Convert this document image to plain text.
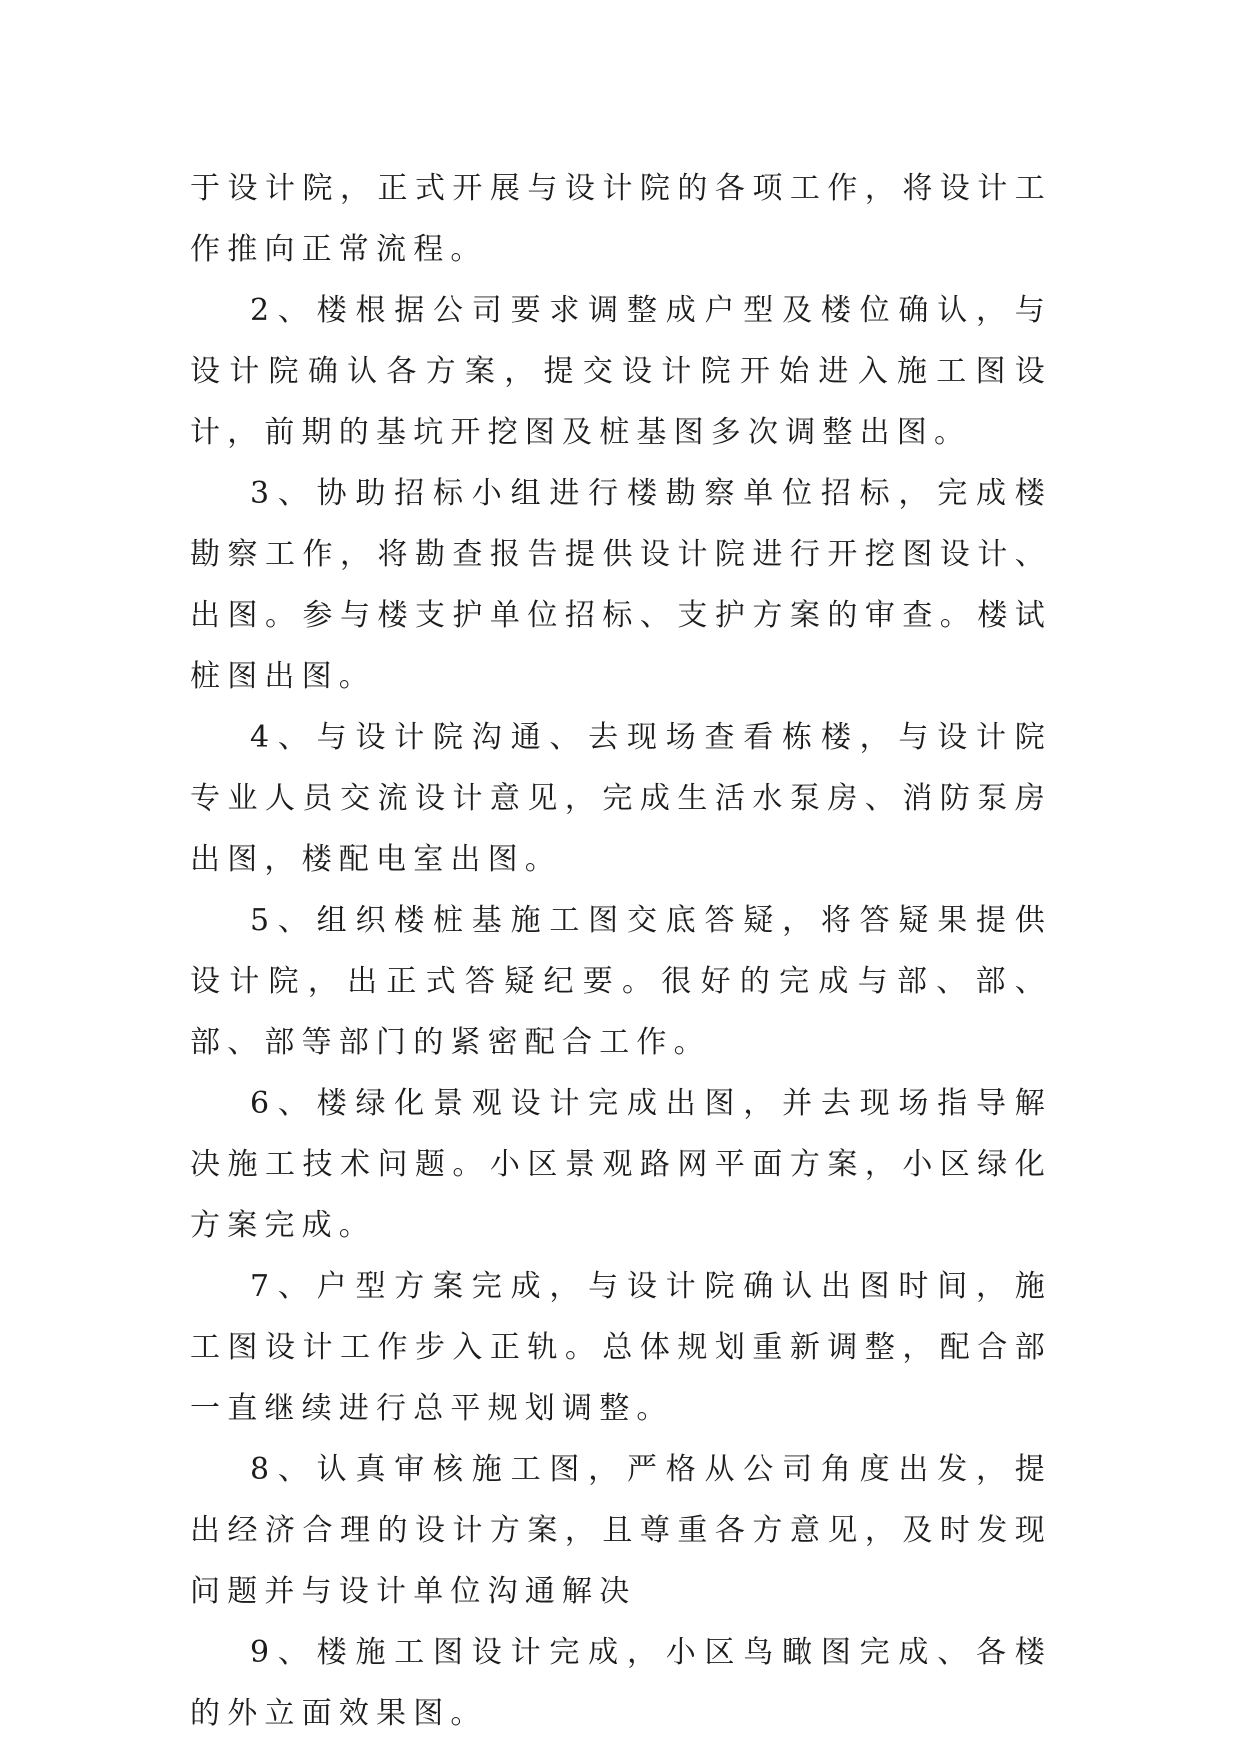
于设计院，正式开展与设计院的各项工作，将设计工作推向正常流程。

2、楼根据公司要求调整成户型及楼位确认，与设计院确认各方案，提交设计院开始进入施工图设计，前期的基坑开挖图及桩基图多次调整出图。

3、协助招标小组进行楼勘察单位招标，完成楼勘察工作，将勘查报告提供设计院进行开挖图设计、出图。参与楼支护单位招标、支护方案的审查。楼试桩图出图。

4、与设计院沟通、去现场查看栋楼，与设计院专业人员交流设计意见，完成生活水泵房、消防泵房出图，楼配电室出图。

5、组织楼桩基施工图交底答疑，将答疑果提供设计院，出正式答疑纪要。很好的完成与部、部、部、部等部门的紧密配合工作。

6、楼绿化景观设计完成出图，并去现场指导解决施工技术问题。小区景观路网平面方案，小区绿化方案完成。

7、户型方案完成，与设计院确认出图时间，施工图设计工作步入正轨。总体规划重新调整，配合部一直继续进行总平规划调整。

8、认真审核施工图，严格从公司角度出发，提出经济合理的设计方案，且尊重各方意见，及时发现问题并与设计单位沟通解决

9、楼施工图设计完成，小区鸟瞰图完成、各楼的外立面效果图。
